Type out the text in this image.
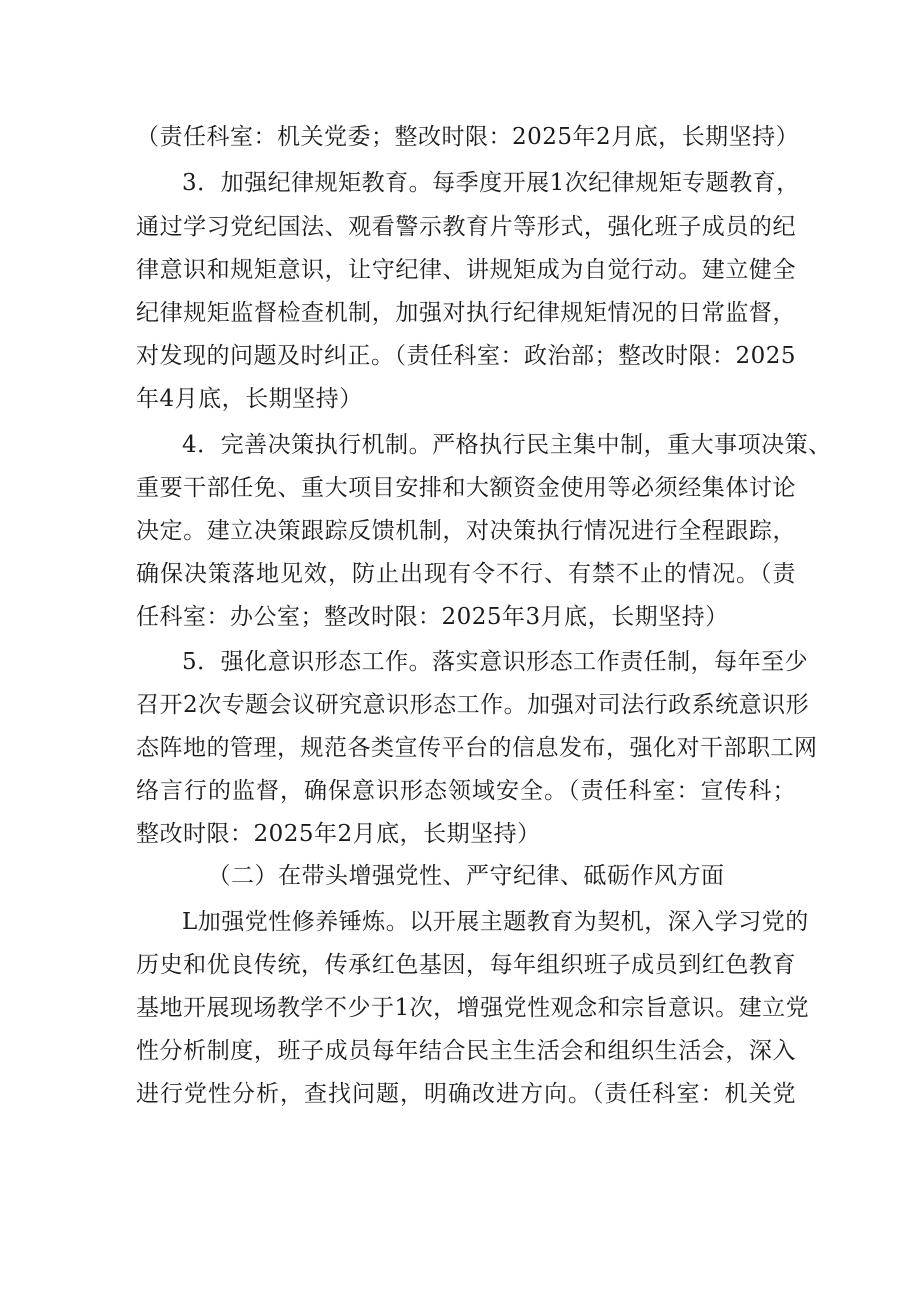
（责任科室：机关党委；整改时限：2025年2月底，长期坚持）
3．加强纪律规矩教育。每季度开展1次纪律规矩专题教育，
通过学习党纪国法、观看警示教育片等形式，强化班子成员的纪
律意识和规矩意识，让守纪律、讲规矩成为自觉行动。建立健全
纪律规矩监督检查机制，加强对执行纪律规矩情况的日常监督，
对发现的问题及时纠正。（责任科室：政治部；整改时限：2025
年4月底，长期坚持）
4．完善决策执行机制。严格执行民主集中制，重大事项决策、
重要干部任免、重大项目安排和大额资金使用等必须经集体讨论
决定。建立决策跟踪反馈机制，对决策执行情况进行全程跟踪，
确保决策落地见效，防止出现有令不行、有禁不止的情况。（责
任科室：办公室；整改时限：2025年3月底，长期坚持）
5．强化意识形态工作。落实意识形态工作责任制，每年至少
召开2次专题会议研究意识形态工作。加强对司法行政系统意识形
态阵地的管理，规范各类宣传平台的信息发布，强化对干部职工网
络言行的监督，确保意识形态领域安全。（责任科室：宣传科；
整改时限：2025年2月底，长期坚持）
（二）在带头增强党性、严守纪律、砥砺作风方面
L加强党性修养锤炼。以开展主题教育为契机，深入学习党的
历史和优良传统，传承红色基因，每年组织班子成员到红色教育
基地开展现场教学不少于1次，增强党性观念和宗旨意识。建立党
性分析制度，班子成员每年结合民主生活会和组织生活会，深入
进行党性分析，查找问题，明确改进方向。（责任科室：机关党
